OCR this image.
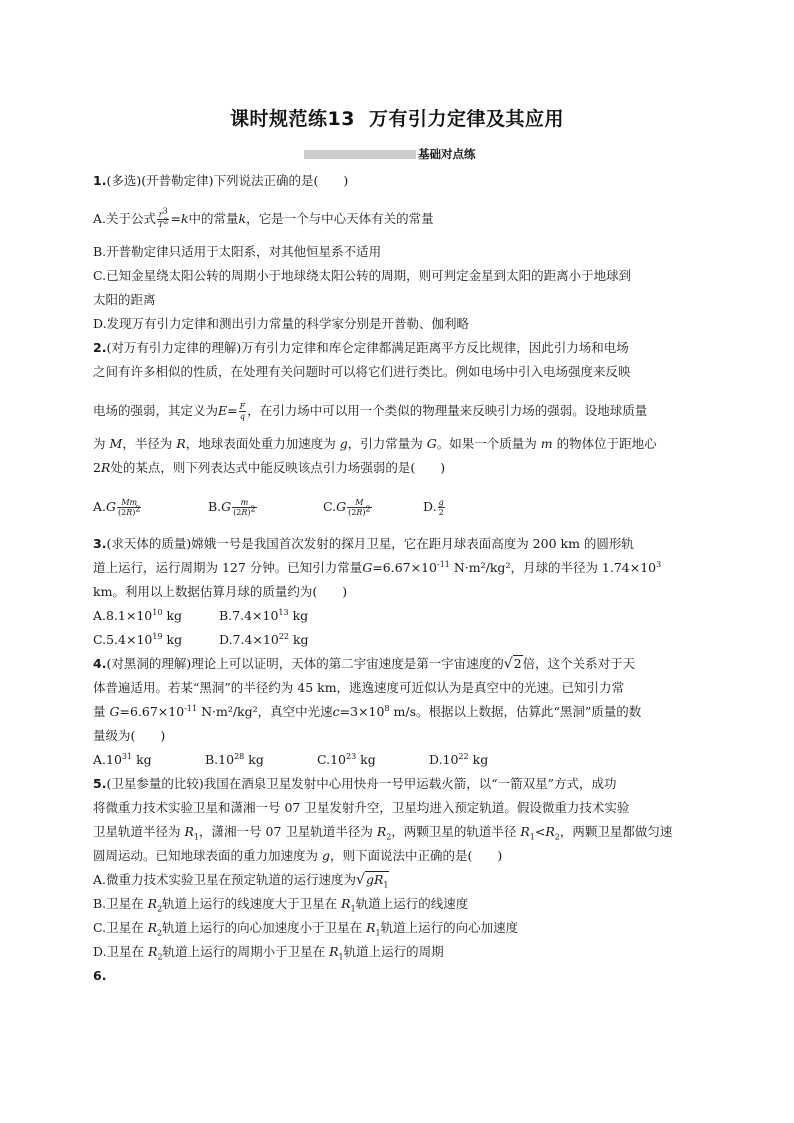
课时规范练13 万有引力定律及其应用
基础对点练
1.(多选)(开普勒定律)下列说法正确的是(　　)
A.关于公式 $\frac{r^3}{T^2} =k$中的常量k，它是一个与中心天体有关的常量
B.开普勒定律只适用于太阳系，对其他恒星系不适用
C.已知金星绕太阳公转的周期小于地球绕太阳公转的周期，则可判定金星到太阳的距离小于地球到
太阳的距离
D.发现万有引力定律和测出引力常量的科学家分别是开普勒、伽利略
2.(对万有引力定律的理解)万有引力定律和库仑定律都满足距离平方反比规律，因此引力场和电场
之间有许多相似的性质，在处理有关问题时可以将它们进行类比。例如电场中引入电场强度来反映
电场的强弱，其定义为$E= \frac{F}{q}$ ，在引力场中可以用一个类似的物理量来反映引力场的强弱。设地球质量
为 M，半径为 R，地球表面处重力加速度为 g，引力常量为 G。如果一个质量为 m 的物体位于距地心
2R处的某点，则下列表达式中能反映该点引力场强弱的是(　　)
$A.G \frac{Mm}{(2R)^2}$	$B.G \frac{m}{(2R)^2}$	$C.G \frac{M}{(2R)^2}$	D. $\frac{g}{2}$
3.(求天体的质量)嫦娥一号是我国首次发射的探月卫星，它在距月球表面高度为 200 km 的圆形轨
道上运行，运行周期为 127 分钟。已知引力常量$G=6.67\times 10^{-11}$ N·m²/kg²，月球的半径为 $1.74\times 10^3$
km。利用以上数据估算月球的质量约为(　　)
$A.8.1\times 10^{10}$ kg	$B.7.4\times 10^{13}$ kg
$C.5.4\times 10^{19}$ kg	$D.7.4\times 10^{22}$ kg
4.(对黑洞的理解)理论上可以证明，天体的第二宇宙速度是第一宇宙速度的√2倍，这个关系对于天
体普遍适用。若某“黑洞”的半径约为 45 km，逃逸速度可近似认为是真空中的光速。已知引力常
量 $G=6.67\times 10^{-11}$ N·m²/kg²，真空中光速$c=3\times 10^8$ m/s。根据以上数据，估算此“黑洞”质量的数
量级为(　　)
$A.10^{31}$ kg	$B.10^{28}$ kg	$C.10^{23}$ kg	$D.10^{22}$ kg
5.(卫星参量的比较)我国在酒泉卫星发射中心用快舟一号甲运载火箭，以“一箭双星”方式，成功
将微重力技术实验卫星和潇湘一号 07 卫星发射升空，卫星均进入预定轨道。假设微重力技术实验
卫星轨道半径为 $R_1$，潇湘一号 07 卫星轨道半径为 $R_2$，两颗卫星的轨道半径 $R_1<R_2$，两颗卫星都做匀速
圆周运动。已知地球表面的重力加速度为 g，则下面说法中正确的是(　　)
A.微重力技术实验卫星在预定轨道的运行速度为$√gR_1$
B.卫星在 $R_2$轨道上运行的线速度大于卫星在 $R_1$轨道上运行的线速度
C.卫星在 $R_2$轨道上运行的向心加速度小于卫星在 $R_1$轨道上运行的向心加速度
D.卫星在 $R_2$轨道上运行的周期小于卫星在 $R_1$轨道上运行的周期
6.
